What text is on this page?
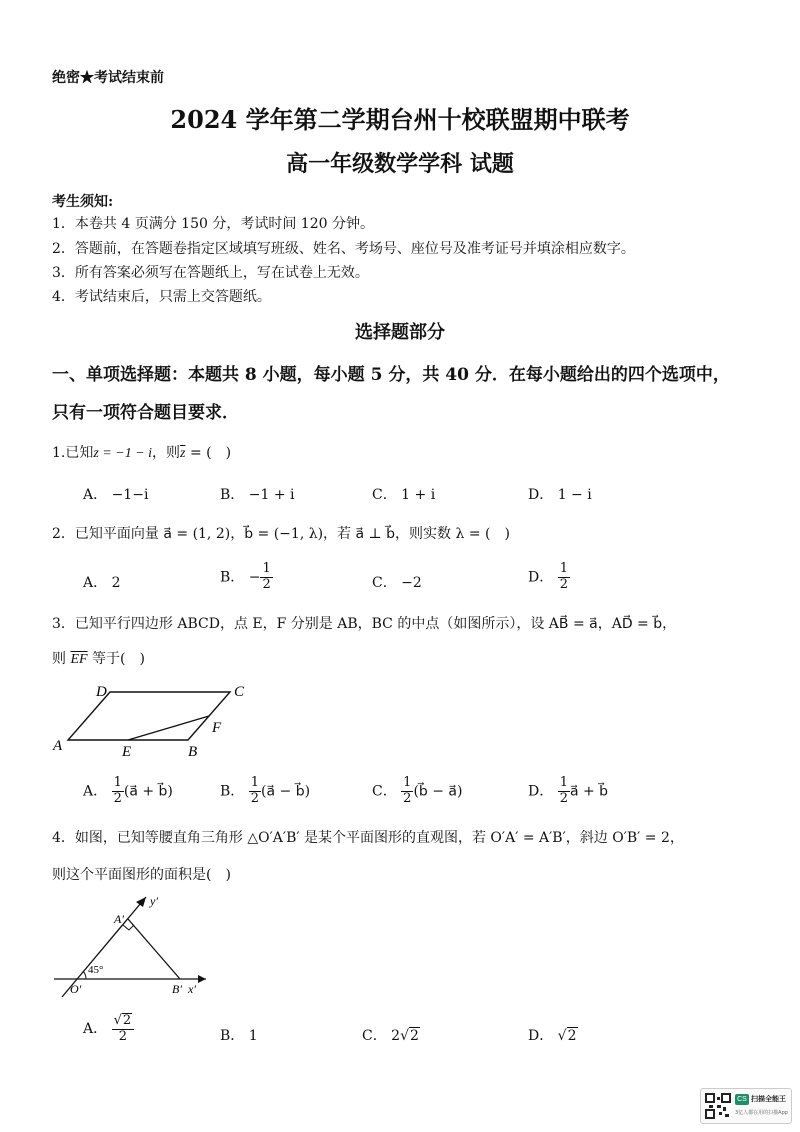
绝密★考试结束前
2024 学年第二学期台州十校联盟期中联考
高一年级数学学科 试题
考生须知:
1．本卷共 4 页满分 150 分，考试时间 120 分钟。
2．答题前，在答题卷指定区域填写班级、姓名、考场号、座位号及准考证号并填涂相应数字。
3．所有答案必须写在答题纸上，写在试卷上无效。
4．考试结束后，只需上交答题纸。
选择题部分
一、单项选择题：本题共 8 小题，每小题 5 分，共 40 分．在每小题给出的四个选项中，
只有一项符合题目要求．
1.已知z = −1 − i，则$\overline{z}$ = (　)
A． −1−i	B． −1 + i	C． 1 + i	D． 1 − i
2．已知平面向量 a⃗ = (1, 2)，b⃗ = (−1, λ)，若 a⃗ ⊥ b⃗，则实数 λ = (　)
A． 2	B． − $\frac{1}{2}$	C． −2	D． $\frac{1}{2}$
3．已知平行四边形 ABCD，点 E，F 分别是 AB，BC 的中点（如图所示），设 AB⃗ = a⃗，AD⃗ = b⃗，
则 $\overline{EF}$ 等于(　)
A	B
C
D
E
F
A． $\frac{1}{2}$ (a⃗ + b⃗)	B． $\frac{1}{2}$ (a⃗ − b⃗)	C． $\frac{1}{2}$ (b⃗ − a⃗)	D． $\frac{1}{2}$ a⃗ + b⃗
4．如图，已知等腰直角三角形 △O′A′B′ 是某个平面图形的直观图，若 O′A′ = A′B′，斜边 O′B′ = 2，
则这个平面图形的面积是(　)
y′
A′
45°
O′	B′ x′
A． $\frac{√2}{2}$	B． 1	C． 2√2	D． √2
CS 扫描全能王
3亿人都在用的扫描App
